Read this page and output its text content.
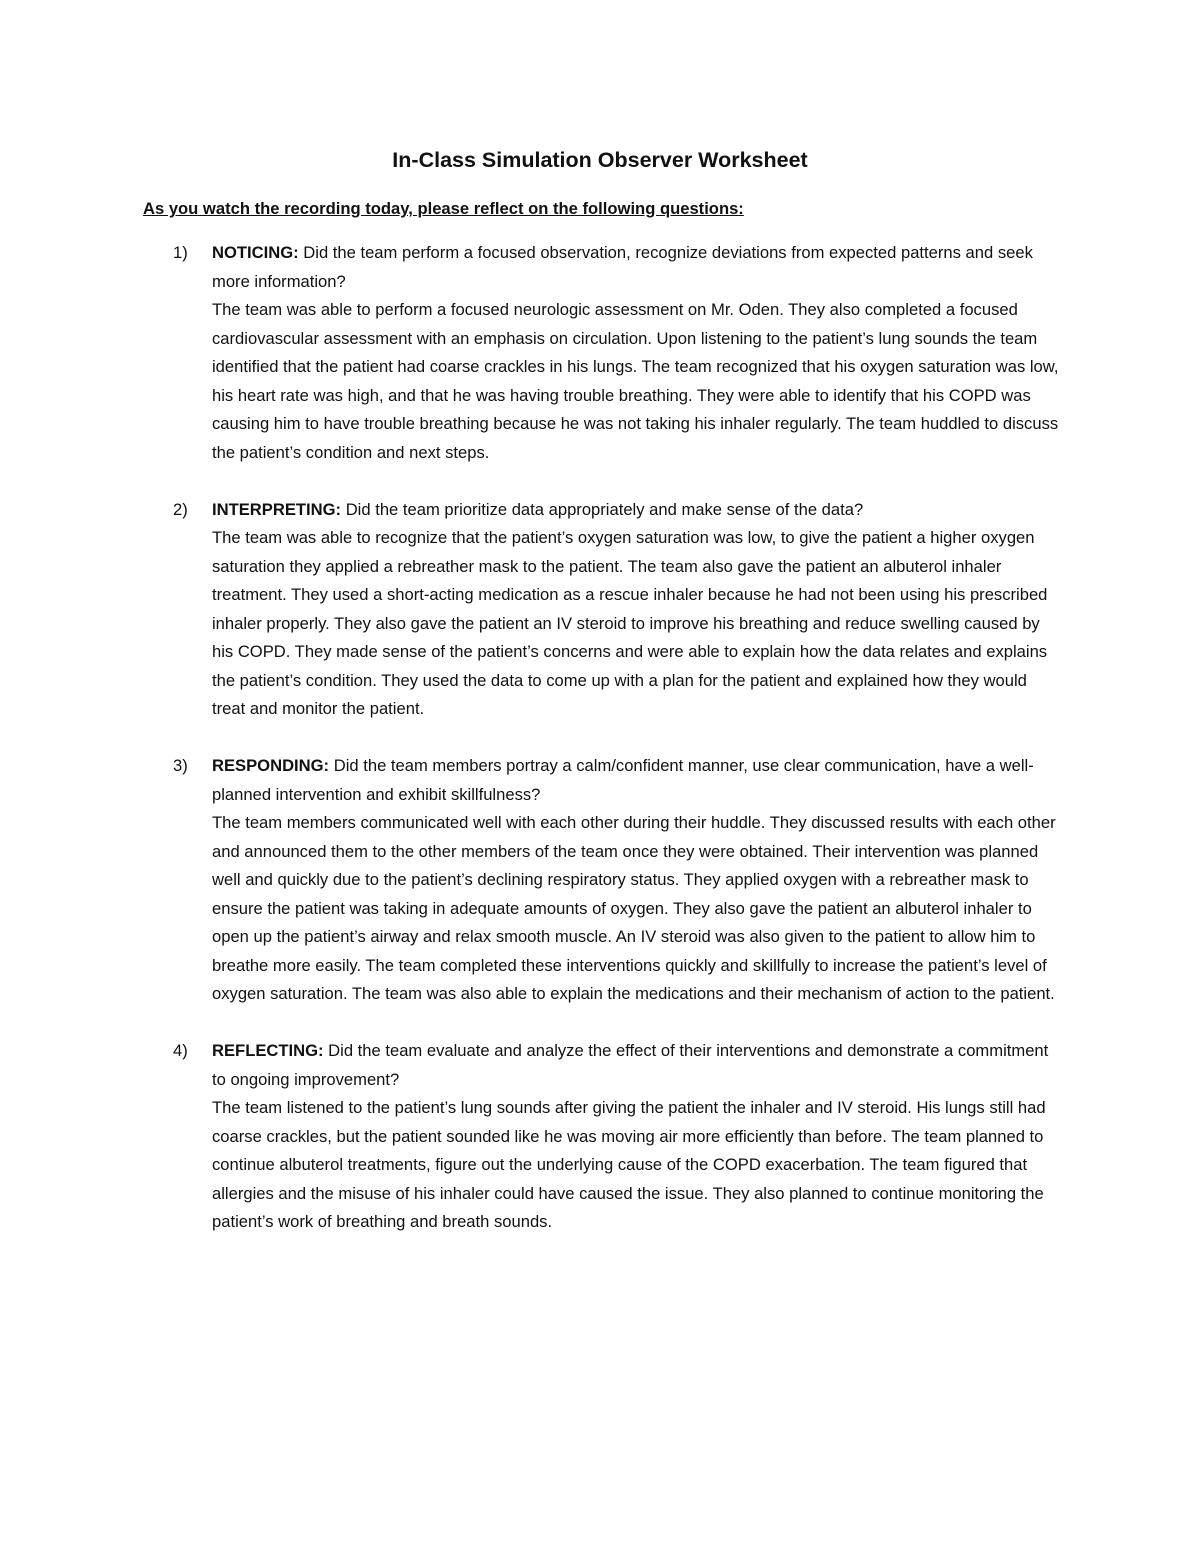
In-Class Simulation Observer Worksheet

As you watch the recording today, please reflect on the following questions:

1) NOTICING: Did the team perform a focused observation, recognize deviations from expected patterns and seek more information?

The team was able to perform a focused neurologic assessment on Mr. Oden. They also completed a focused cardiovascular assessment with an emphasis on circulation. Upon listening to the patient’s lung sounds the team identified that the patient had coarse crackles in his lungs. The team recognized that his oxygen saturation was low, his heart rate was high, and that he was having trouble breathing. They were able to identify that his COPD was causing him to have trouble breathing because he was not taking his inhaler regularly. The team huddled to discuss the patient’s condition and next steps.

2) INTERPRETING: Did the team prioritize data appropriately and make sense of the data?

The team was able to recognize that the patient’s oxygen saturation was low, to give the patient a higher oxygen saturation they applied a rebreather mask to the patient. The team also gave the patient an albuterol inhaler treatment. They used a short-acting medication as a rescue inhaler because he had not been using his prescribed inhaler properly. They also gave the patient an IV steroid to improve his breathing and reduce swelling caused by his COPD. They made sense of the patient’s concerns and were able to explain how the data relates and explains the patient’s condition. They used the data to come up with a plan for the patient and explained how they would treat and monitor the patient.

3) RESPONDING: Did the team members portray a calm/confident manner, use clear communication, have a well-planned intervention and exhibit skillfulness?

The team members communicated well with each other during their huddle. They discussed results with each other and announced them to the other members of the team once they were obtained. Their intervention was planned well and quickly due to the patient’s declining respiratory status. They applied oxygen with a rebreather mask to ensure the patient was taking in adequate amounts of oxygen. They also gave the patient an albuterol inhaler to open up the patient’s airway and relax smooth muscle. An IV steroid was also given to the patient to allow him to breathe more easily. The team completed these interventions quickly and skillfully to increase the patient’s level of oxygen saturation. The team was also able to explain the medications and their mechanism of action to the patient.

4) REFLECTING: Did the team evaluate and analyze the effect of their interventions and demonstrate a commitment to ongoing improvement?

The team listened to the patient’s lung sounds after giving the patient the inhaler and IV steroid. His lungs still had coarse crackles, but the patient sounded like he was moving air more efficiently than before. The team planned to continue albuterol treatments, figure out the underlying cause of the COPD exacerbation. The team figured that allergies and the misuse of his inhaler could have caused the issue. They also planned to continue monitoring the patient’s work of breathing and breath sounds.
